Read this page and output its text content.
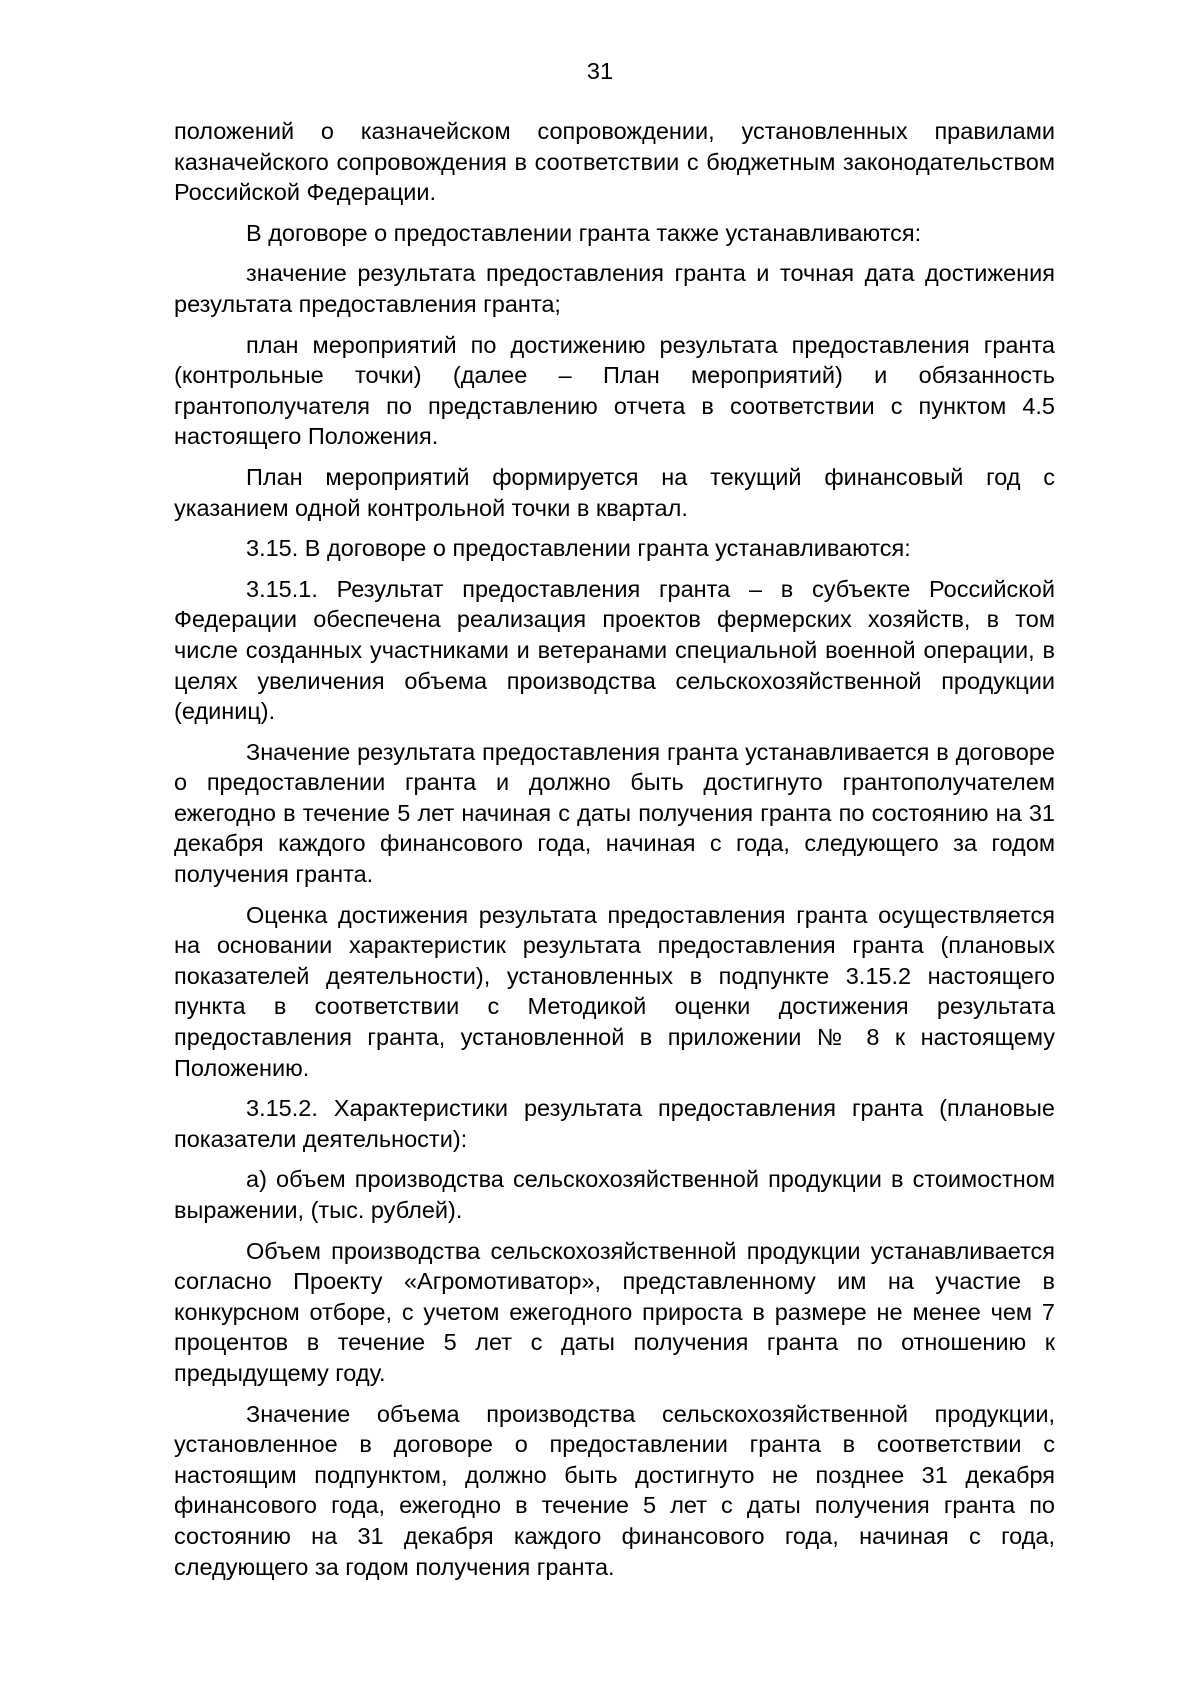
31

положений о казначейском сопровождении, установленных правилами казначейского сопровождения в соответствии с бюджетным законодательством Российской Федерации.

В договоре о предоставлении гранта также устанавливаются:

значение результата предоставления гранта и точная дата достижения результата предоставления гранта;

план мероприятий по достижению результата предоставления гранта (контрольные точки) (далее – План мероприятий) и обязанность грантополучателя по представлению отчета в соответствии с пунктом 4.5 настоящего Положения.

План мероприятий формируется на текущий финансовый год с указанием одной контрольной точки в квартал.

3.15. В договоре о предоставлении гранта устанавливаются:

3.15.1. Результат предоставления гранта – в субъекте Российской Федерации обеспечена реализация проектов фермерских хозяйств, в том числе созданных участниками и ветеранами специальной военной операции, в целях увеличения объема производства сельскохозяйственной продукции (единиц).

Значение результата предоставления гранта устанавливается в договоре о предоставлении гранта и должно быть достигнуто грантополучателем ежегодно в течение 5 лет начиная с даты получения гранта по состоянию на 31 декабря каждого финансового года, начиная с года, следующего за годом получения гранта.

Оценка достижения результата предоставления гранта осуществляется на основании характеристик результата предоставления гранта (плановых показателей деятельности), установленных в подпункте 3.15.2 настоящего пункта в соответствии с Методикой оценки достижения результата предоставления гранта, установленной в приложении № 8 к настоящему Положению.

3.15.2. Характеристики результата предоставления гранта (плановые показатели деятельности):

а) объем производства сельскохозяйственной продукции в стоимостном выражении, (тыс. рублей).

Объем производства сельскохозяйственной продукции устанавливается согласно Проекту «Агромотиватор», представленному им на участие в конкурсном отборе, с учетом ежегодного прироста в размере не менее чем 7 процентов в течение 5 лет с даты получения гранта по отношению к предыдущему году.

Значение объема производства сельскохозяйственной продукции, установленное в договоре о предоставлении гранта в соответствии с настоящим подпунктом, должно быть достигнуто не позднее 31 декабря финансового года, ежегодно в течение 5 лет с даты получения гранта по состоянию на 31 декабря каждого финансового года, начиная с года, следующего за годом получения гранта.
